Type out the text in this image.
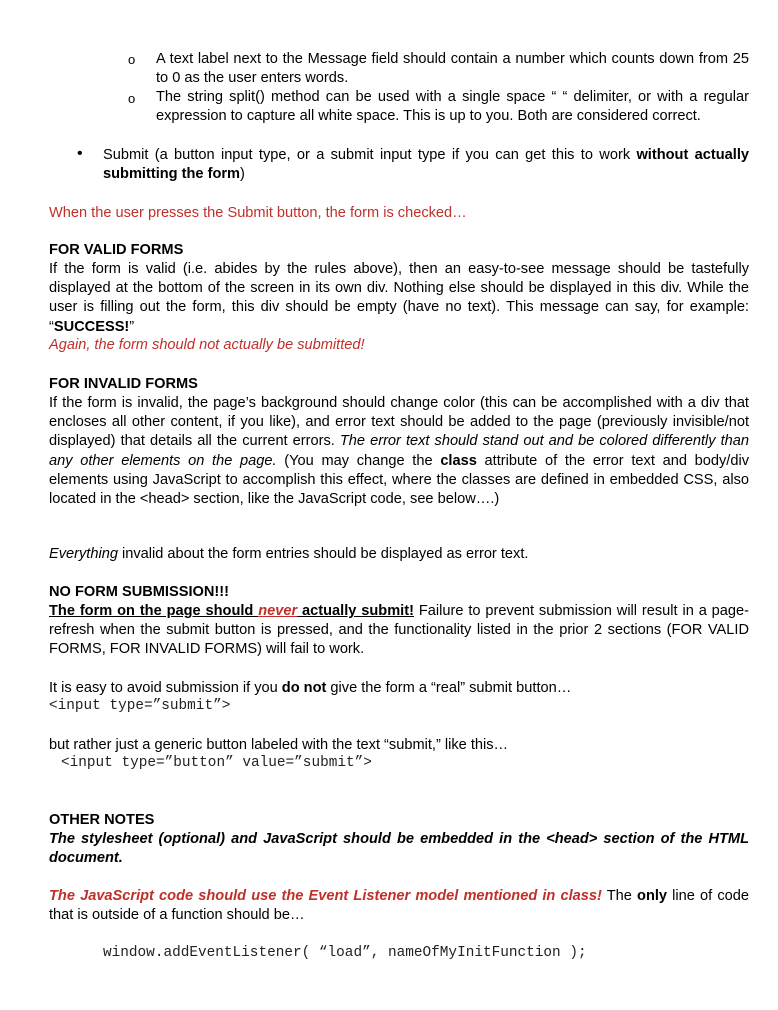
o A text label next to the Message field should contain a number which counts down from 25 to 0 as the user enters words.
o The string split() method can be used with a single space “ “ delimiter, or with a regular expression to capture all white space. This is up to you. Both are considered correct.
• Submit (a button input type, or a submit input type if you can get this to work without actually submitting the form)
When the user presses the Submit button, the form is checked…
FOR VALID FORMS
If the form is valid (i.e. abides by the rules above), then an easy-to-see message should be tastefully displayed at the bottom of the screen in its own div. Nothing else should be displayed in this div. While the user is filling out the form, this div should be empty (have no text). This message can say, for example: “SUCCESS!”
Again, the form should not actually be submitted!
FOR INVALID FORMS
If the form is invalid, the page’s background should change color (this can be accomplished with a div that encloses all other content, if you like), and error text should be added to the page (previously invisible/not displayed) that details all the current errors. The error text should stand out and be colored differently than any other elements on the page. (You may change the class attribute of the error text and body/div elements using JavaScript to accomplish this effect, where the classes are defined in embedded CSS, also located in the <head> section, like the JavaScript code, see below….)
Everything invalid about the form entries should be displayed as error text.
NO FORM SUBMISSION!!!
The form on the page should never actually submit! Failure to prevent submission will result in a page-refresh when the submit button is pressed, and the functionality listed in the prior 2 sections (FOR VALID FORMS, FOR INVALID FORMS) will fail to work.
It is easy to avoid submission if you do not give the form a “real” submit button…
<input type=”submit”>
but rather just a generic button labeled with the text “submit,” like this…
<input type=”button” value=”submit”>
OTHER NOTES
The stylesheet (optional) and JavaScript should be embedded in the <head> section of the HTML document.
The JavaScript code should use the Event Listener model mentioned in class! The only line of code that is outside of a function should be…
window.addEventListener( “load”, nameOfMyInitFunction );
